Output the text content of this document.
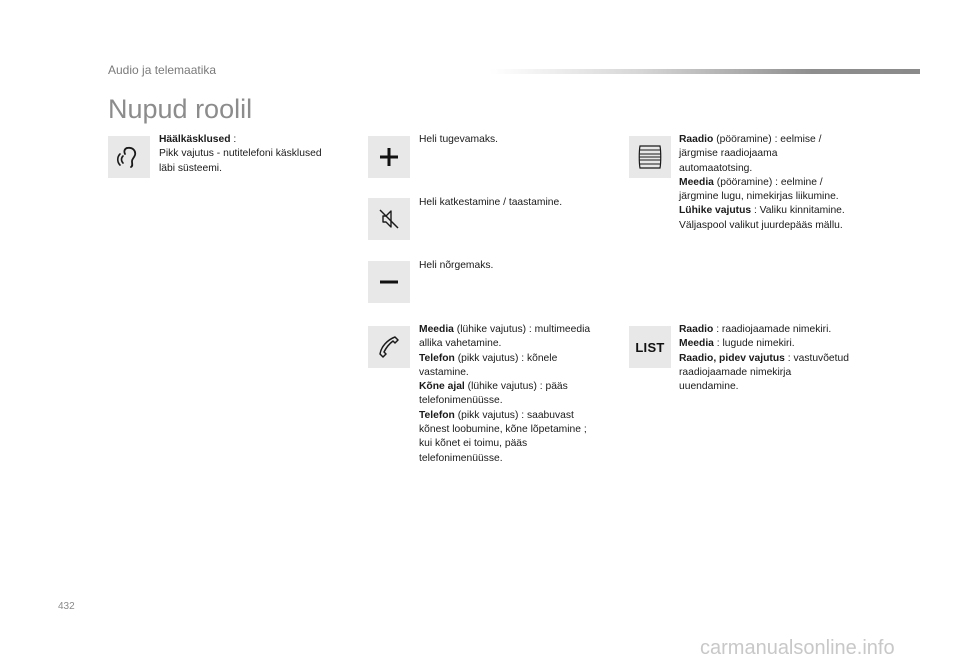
Audio ja telemaatika
Nupud roolil
Häälkäsklused :
Pikk vajutus - nutitelefoni käsklused
läbi süsteemi.
Heli tugevamaks.
Heli katkestamine / taastamine.
Heli nõrgemaks.
Meedia (lühike vajutus) : multimeedia
allika vahetamine.
Telefon (pikk vajutus) : kõnele
vastamine.
Kõne ajal (lühike vajutus) : pääs
telefonimenüüsse.
Telefon (pikk vajutus) : saabuvast
kõnest loobumine, kõne lõpetamine ;
kui kõnet ei toimu, pääs
telefonimenüüsse.
Raadio (pööramine) : eelmise /
järgmise raadiojaama
automaatotsing.
Meedia (pööramine) : eelmine /
järgmine lugu, nimekirjas liikumine.
Lühike vajutus : Valiku kinnitamine.
Väljaspool valikut juurdepääs mällu.
LIST
Raadio : raadiojaamade nimekiri.
Meedia : lugude nimekiri.
Raadio, pidev vajutus : vastuvõetud
raadiojaamade nimekirja
uuendamine.
432
carmanualsonline.info
